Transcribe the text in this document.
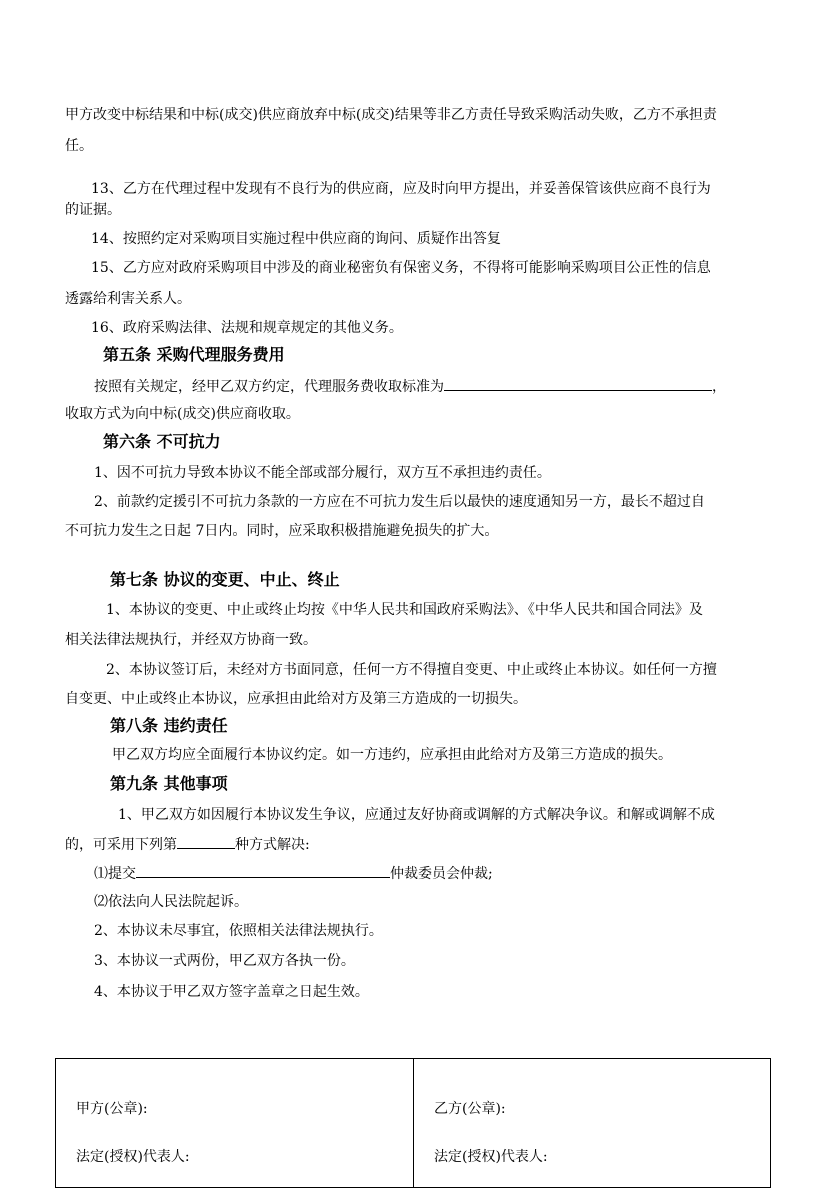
甲方改变中标结果和中标(成交)供应商放弃中标(成交)结果等非乙方责任导致采购活动失败，乙方不承担责
任。
13、乙方在代理过程中发现有不良行为的供应商，应及时向甲方提出，并妥善保管该供应商不良行为
的证据。
14、按照约定对采购项目实施过程中供应商的询问、质疑作出答复
15、乙方应对政府采购项目中涉及的商业秘密负有保密义务，不得将可能影响采购项目公正性的信息
透露给利害关系人。
16、政府采购法律、法规和规章规定的其他义务。
第五条 采购代理服务费用
按照有关规定，经甲乙双方约定，代理服务费收取标准为	，
收取方式为向中标(成交)供应商收取。
第六条 不可抗力
1、因不可抗力导致本协议不能全部或部分履行，双方互不承担违约责任。
2、前款约定援引不可抗力条款的一方应在不可抗力发生后以最快的速度通知另一方，最长不超过自
不可抗力发生之日起 7日内。同时，应采取积极措施避免损失的扩大。
第七条 协议的变更、中止、终止
1、本协议的变更、中止或终止均按《中华人民共和国政府采购法》、《中华人民共和国合同法》及
相关法律法规执行，并经双方协商一致。
2、本协议签订后，未经对方书面同意，任何一方不得擅自变更、中止或终止本协议。如任何一方擅
自变更、中止或终止本协议，应承担由此给对方及第三方造成的一切损失。
第八条 违约责任
甲乙双方均应全面履行本协议约定。如一方违约，应承担由此给对方及第三方造成的损失。
第九条 其他事项
1、甲乙双方如因履行本协议发生争议，应通过友好协商或调解的方式解决争议。和解或调解不成
的，可采用下列第	种方式解决:
⑴提交	仲裁委员会仲裁;
⑵依法向人民法院起诉。
2、本协议未尽事宜，依照相关法律法规执行。
3、本协议一式两份，甲乙双方各执一份。
4、本协议于甲乙双方签字盖章之日起生效。
甲方(公章):
法定(授权)代表人:
乙方(公章):
法定(授权)代表人:
